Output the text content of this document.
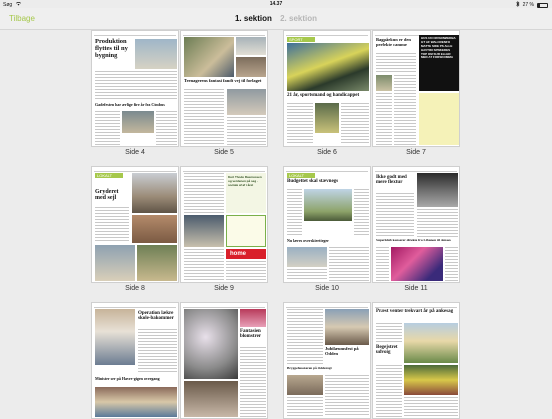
Søg	14.37	27 %
Tilbage	1. sektion 2. sektion
Produktion flyttes til ny bygning
Gadefesten har ærlige fire år fra Cimbus
Teenagerens fantasi fandt vej til forlaget
Side 4	Side 5
SPORT
21 år, sportsmand og handicappet
Bagpåekun er den perfekte camme
HUS UN OFFENWIEDBA GT AF WALCRENFO MATTE SIDE PS ALLE HAVTIDI SPNKEDES TOP OM SUR ELLER MED AT FORSKOMMA
Side 6	Side 7
LOKALT
Gryderet med sejl
Kurt Thode Rasmussen og verdenen på seg - sociale af af i året
home
Side 8	Side 9
LOKALT
Budgettet skal stævnegs
Nu læres overskiertirger
Ikke godt med mere flextur
Superklub konserer direkte fra Libanon til Amaes
Side 10	Side 11
Operation lækre skole-bakommer
Minister ser på Havre-gigen overgang
Fantasien blomstrer
Jubilæumsfest på Odden
Bryggehusstøren på Odderegi
Præst venter trekvart år på ankesag
Begejstret udvoig
